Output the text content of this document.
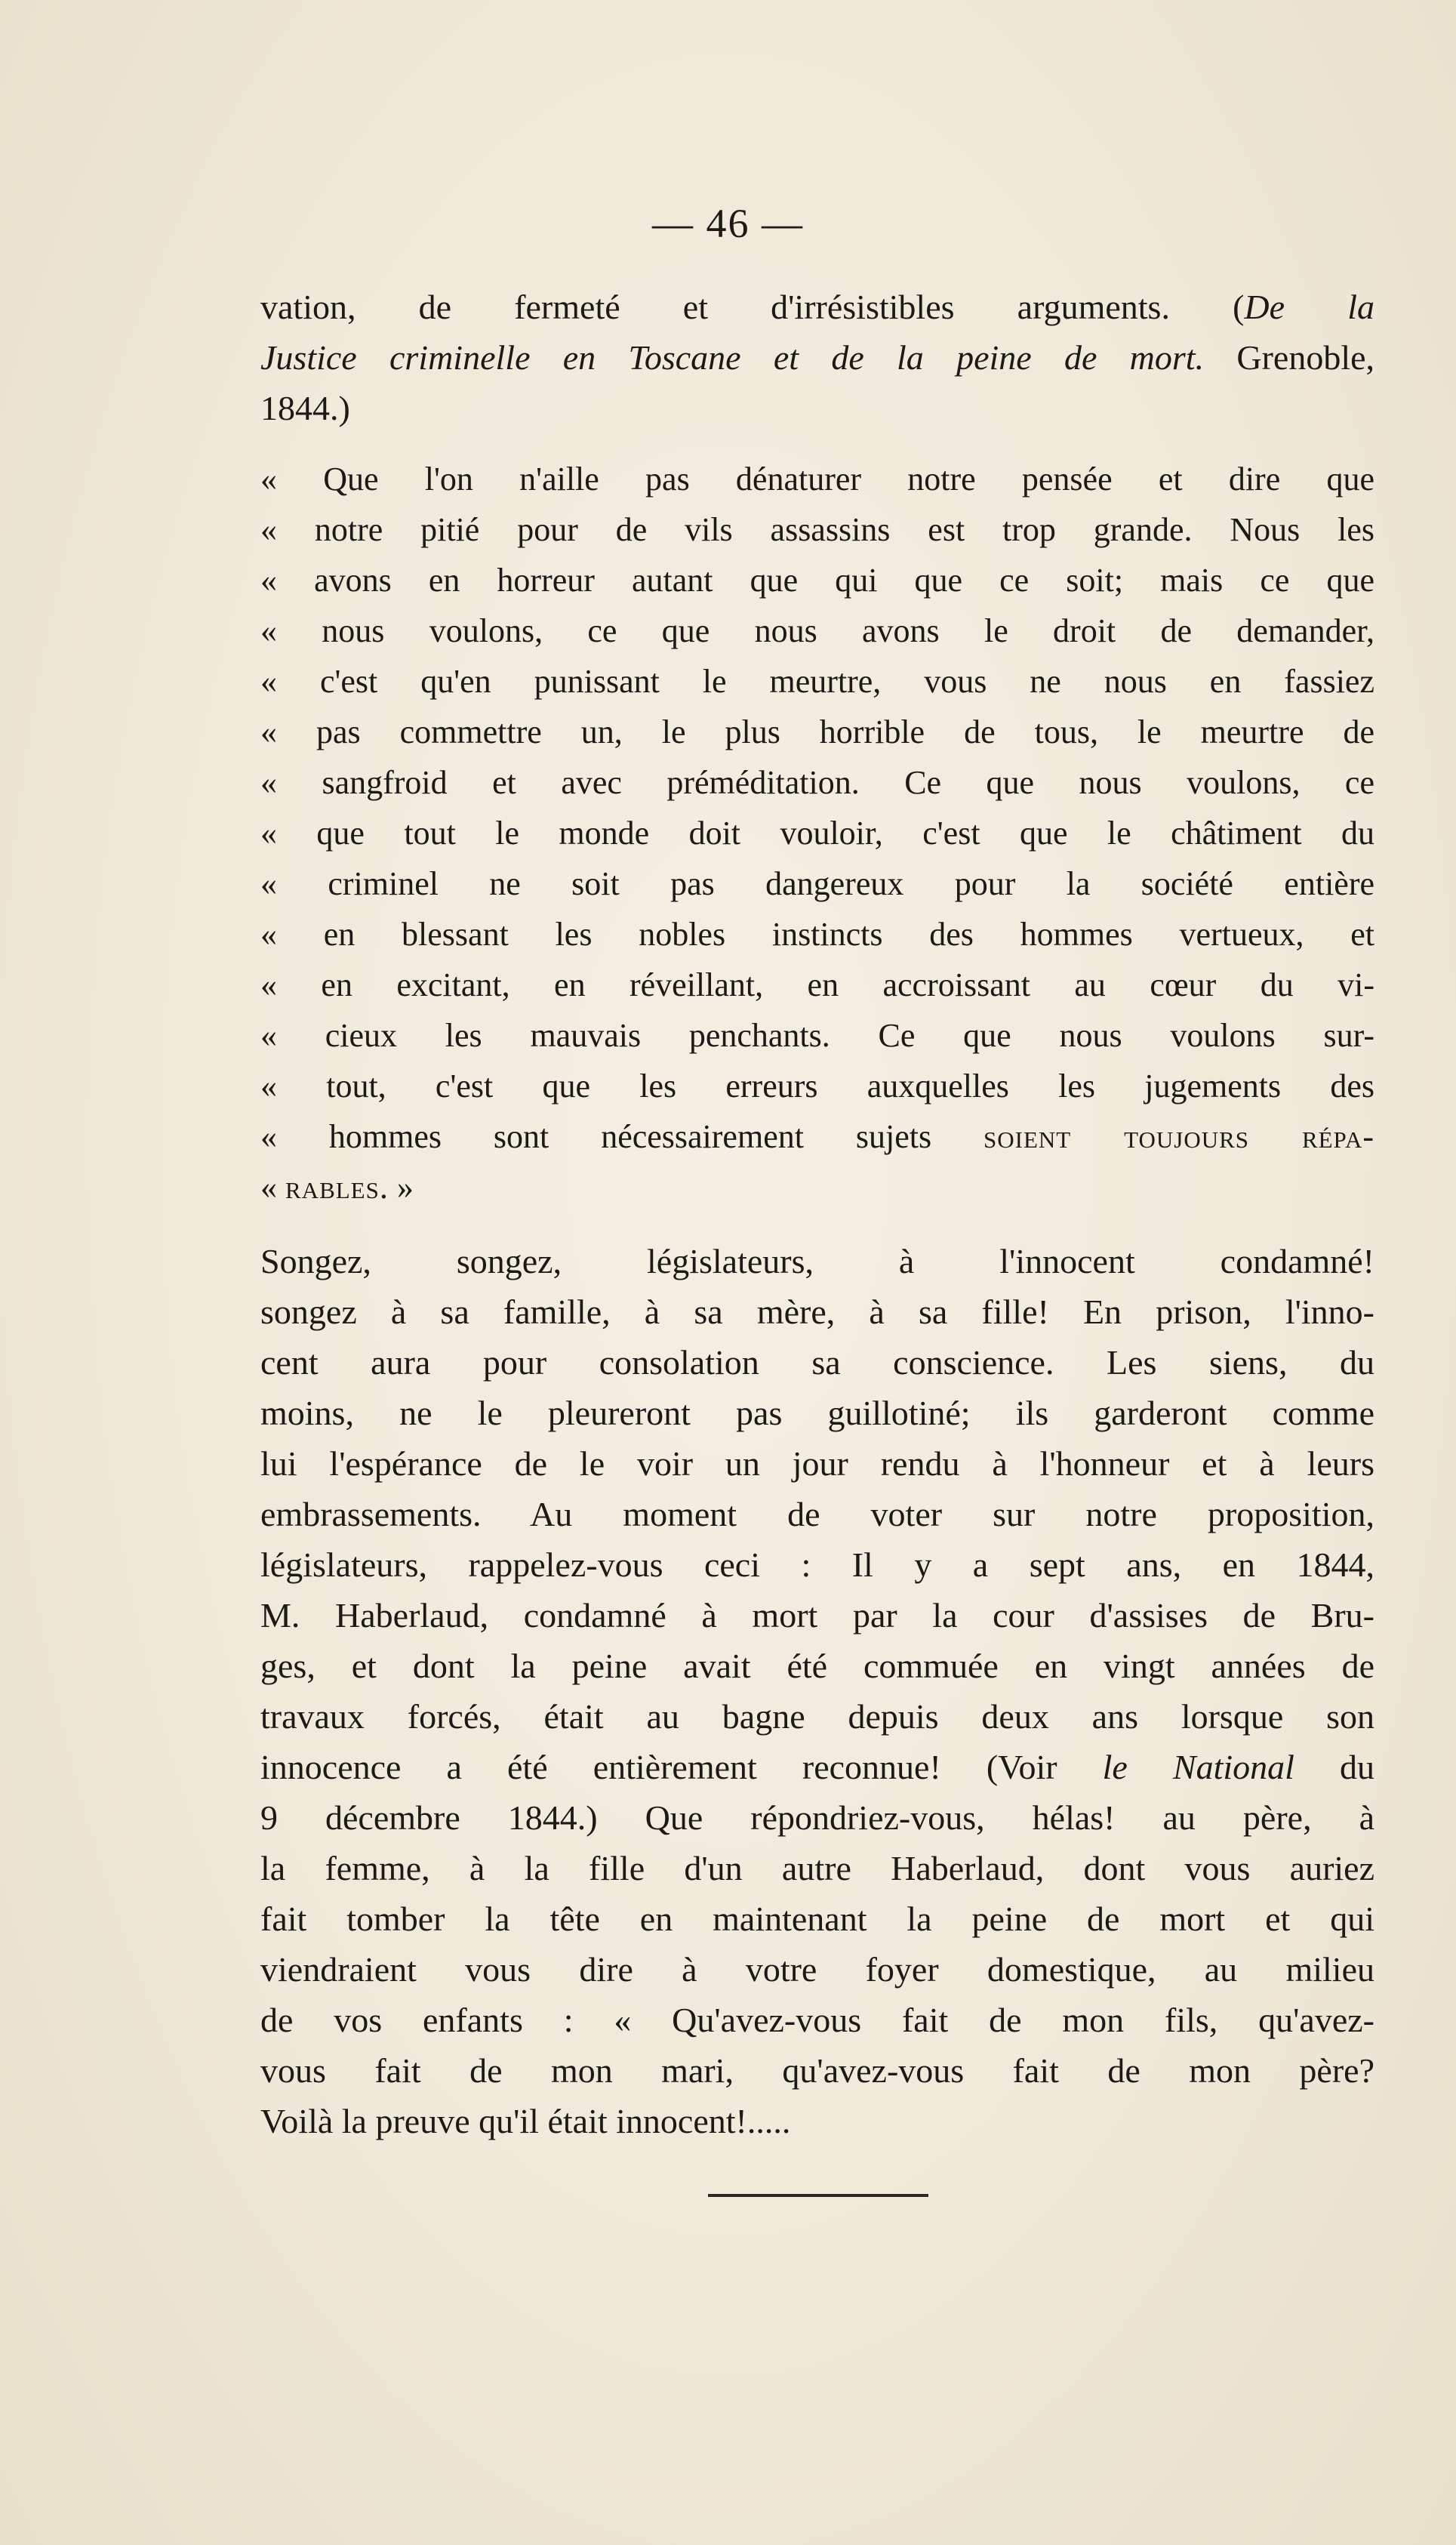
— 46 —
vation, de fermeté et d'irrésistibles arguments. (De la
Justice criminelle en Toscane et de la peine de mort. Grenoble,
1844.)
« Que l'on n'aille pas dénaturer notre pensée et dire que
« notre pitié pour de vils assassins est trop grande. Nous les
« avons en horreur autant que qui que ce soit; mais ce que
« nous voulons, ce que nous avons le droit de demander,
« c'est qu'en punissant le meurtre, vous ne nous en fassiez
« pas commettre un, le plus horrible de tous, le meurtre de
« sangfroid et avec préméditation. Ce que nous voulons, ce
« que tout le monde doit vouloir, c'est que le châtiment du
« criminel ne soit pas dangereux pour la société entière
« en blessant les nobles instincts des hommes vertueux, et
« en excitant, en réveillant, en accroissant au cœur du vi-
« cieux les mauvais penchants. Ce que nous voulons sur-
« tout, c'est que les erreurs auxquelles les jugements des
« hommes sont nécessairement sujets soient toujours répa-
« rables. »
Songez, songez, législateurs, à l'innocent condamné!
songez à sa famille, à sa mère, à sa fille! En prison, l'inno-
cent aura pour consolation sa conscience. Les siens, du
moins, ne le pleureront pas guillotiné; ils garderont comme
lui l'espérance de le voir un jour rendu à l'honneur et à leurs
embrassements. Au moment de voter sur notre proposition,
législateurs, rappelez-vous ceci : Il y a sept ans, en 1844,
M. Haberlaud, condamné à mort par la cour d'assises de Bru-
ges, et dont la peine avait été commuée en vingt années de
travaux forcés, était au bagne depuis deux ans lorsque son
innocence a été entièrement reconnue! (Voir le National du
9 décembre 1844.) Que répondriez-vous, hélas! au père, à
la femme, à la fille d'un autre Haberlaud, dont vous auriez
fait tomber la tête en maintenant la peine de mort et qui
viendraient vous dire à votre foyer domestique, au milieu
de vos enfants : « Qu'avez-vous fait de mon fils, qu'avez-
vous fait de mon mari, qu'avez-vous fait de mon père?
Voilà la preuve qu'il était innocent!.....
